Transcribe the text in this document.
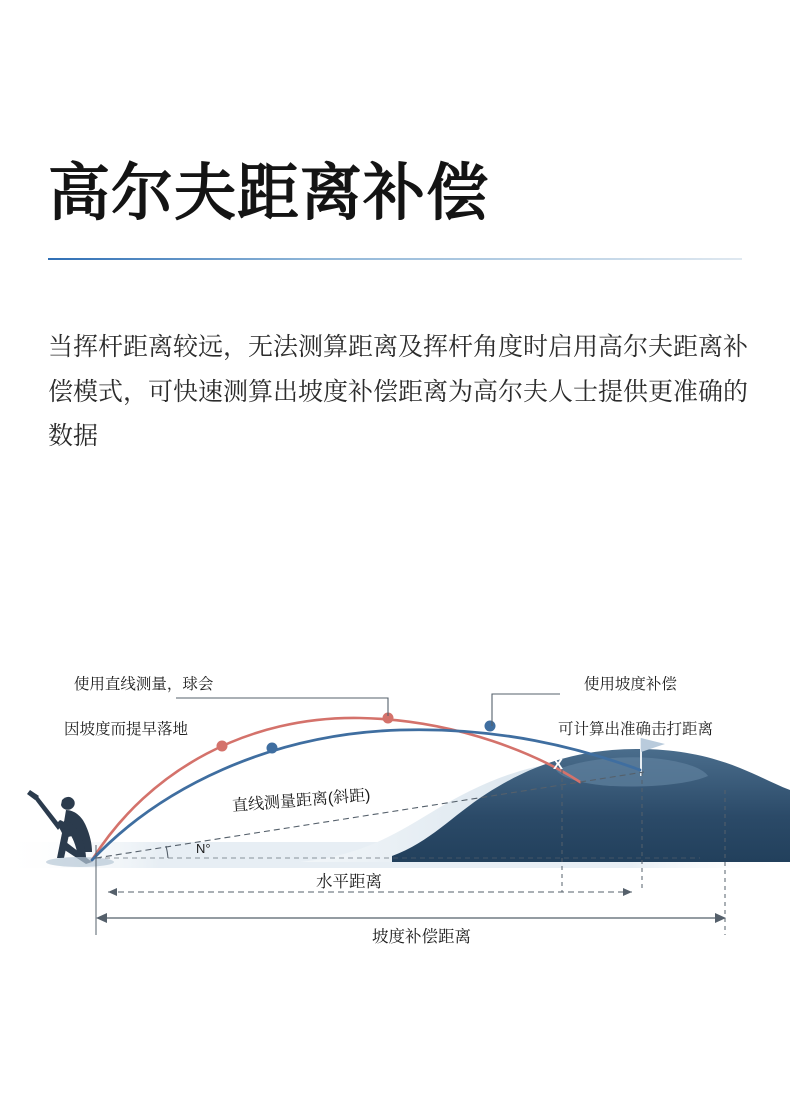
高尔夫距离补偿

当挥杆距离较远，无法测算距离及挥杆角度时启用高尔夫距离补偿模式，可快速测算出坡度补偿距离为高尔夫人士提供更准确的数据

使用直线测量，球会

因坡度而提早落地

使用坡度补偿

可计算出准确击打距离

直线测量距离(斜距)
N°
水平距离
坡度补偿距离
X
